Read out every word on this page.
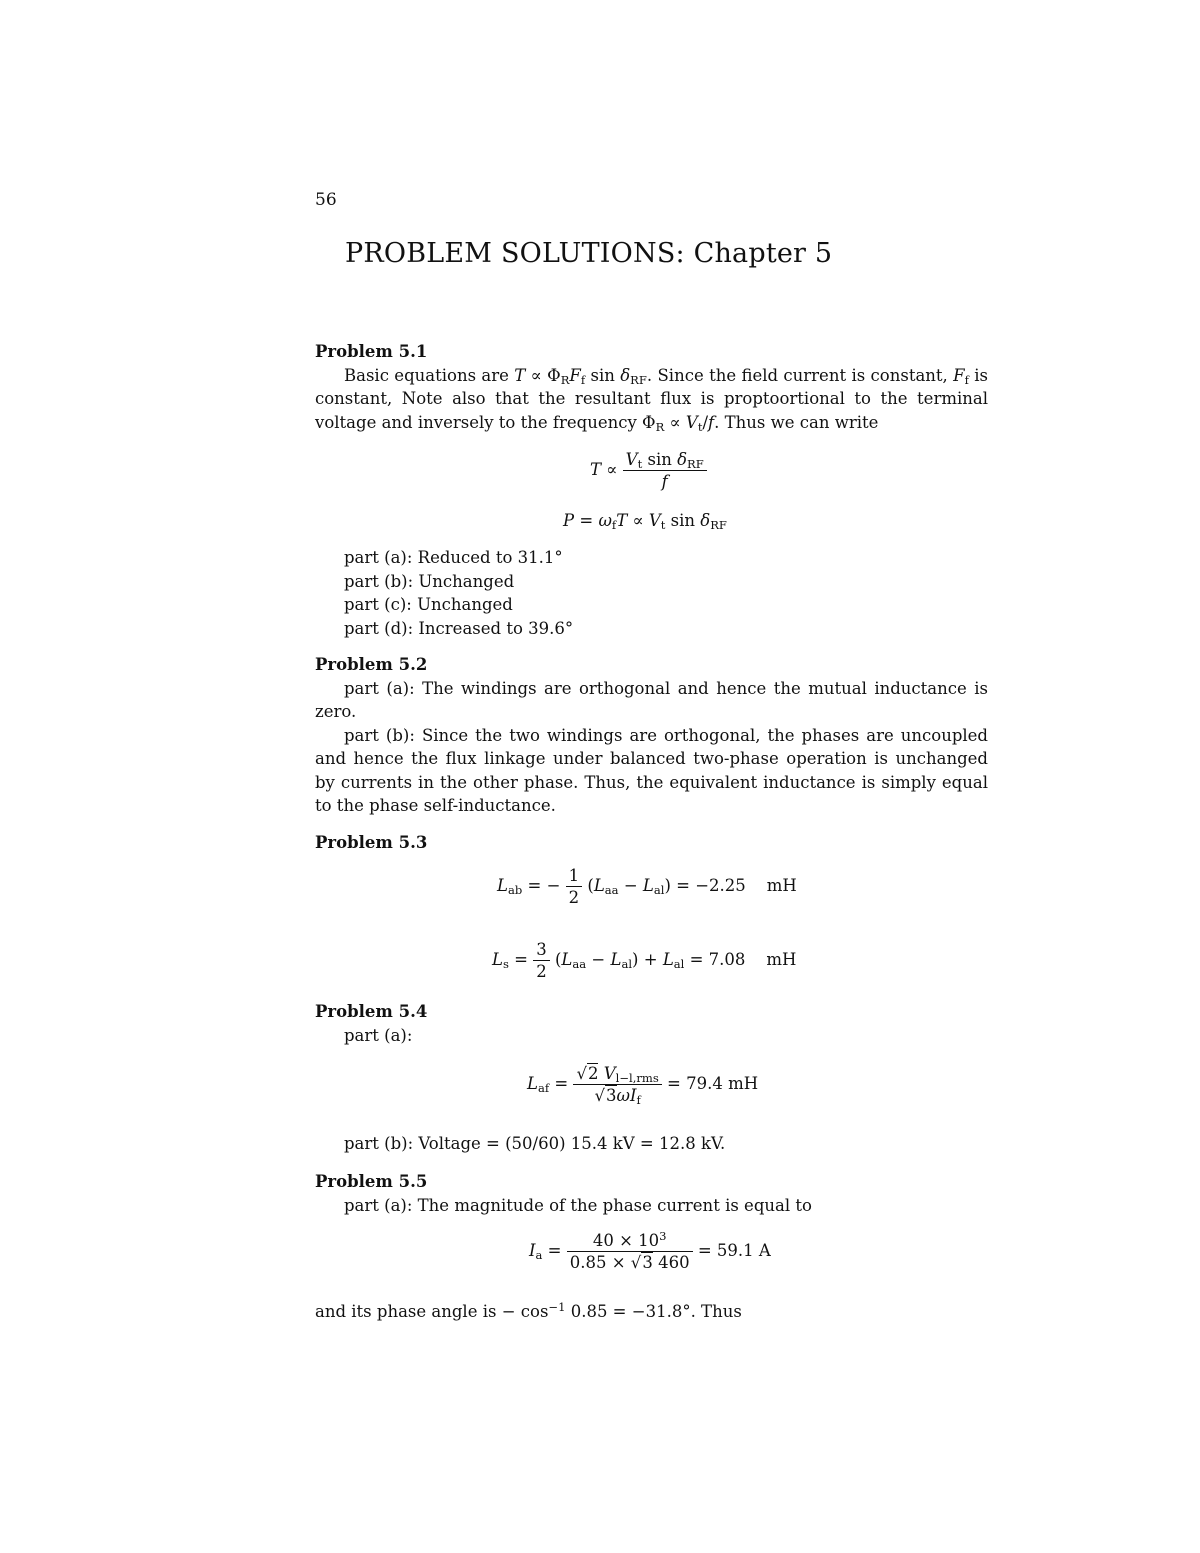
56
PROBLEM SOLUTIONS: Chapter 5

Problem 5.1

Basic equations are $T \propto \Phi_RF_f$ $\sin \delta_{RF}$. Since the field current is constant, $F_f$ is constant, Note also that the resultant flux is proptoortional to the terminal voltage and inversely to the frequency $\Phi_R \propto V_t/f$. Thus we can write

$T \propto \frac{V_t \sin \delta_{RF}}{f}$
$P = \omega_fT \propto V_t$ $\sin \delta_{RF}$

part (a): Reduced to 31.1°

part (b): Unchanged

part (c): Unchanged

part (d): Increased to 39.6°

Problem 5.2

part (a): The windings are orthogonal and hence the mutual inductance is zero.

part (b): Since the two windings are orthogonal, the phases are uncoupled and hence the flux linkage under balanced two-phase operation is unchanged by currents in the other phase. Thus, the equivalent inductance is simply equal to the phase self-inductance.

Problem 5.3

$L_{ab}$ = − $\frac{1}{2} (L_{aa} - L_{al}) = -2.25$ mH
$L_s = \frac{3}{2} (L_{aa} - L_{al}) + L_{al} = 7.08$ mH

Problem 5.4

part (a):

$L_{af} = \frac{√2 V_{l-l,rms}}{√3\omega I_f} = 79.4$ mH

part (b): Voltage = (50/60) 15.4 kV = 12.8 kV.

Problem 5.5

part (a): The magnitude of the phase current is equal to

$I_a = \frac{40 \times 10^3}{0.85 \times √3 460} = 59.1$ A

and its phase angle is − $\cos^{-1} 0.85 = -31.8^\circ$. Thus
